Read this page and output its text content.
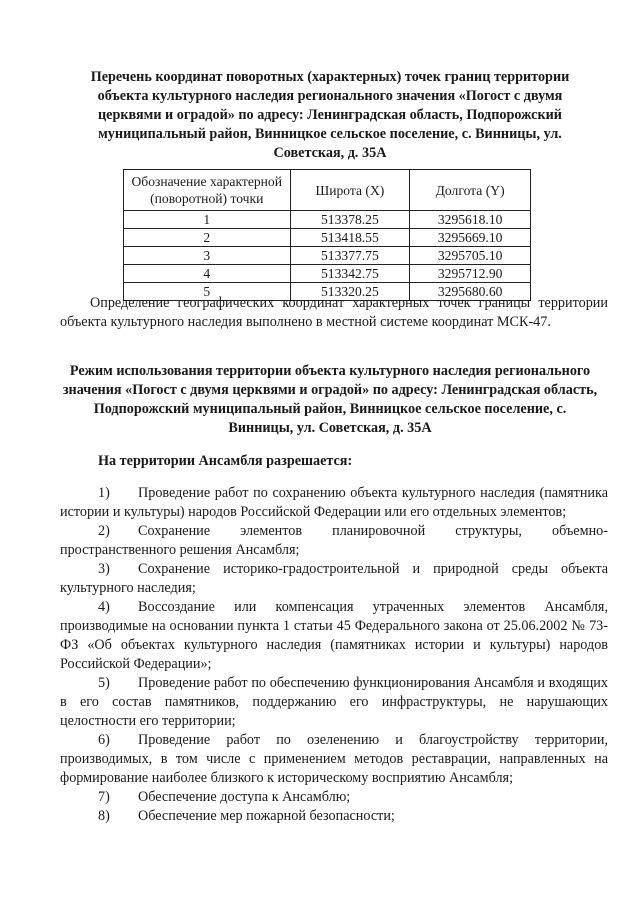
Перечень координат поворотных (характерных) точек границ территории объекта культурного наследия регионального значения «Погост с двумя церквями и оградой» по адресу: Ленинградская область, Подпорожский муниципальный район, Винницкое сельское поселение, с. Винницы, ул. Советская, д. 35А
Обозначение характерной (поворотной) точки	Широта (X)	Долгота (Y)
1	513378.25	3295618.10
2	513418.55	3295669.10
3	513377.75	3295705.10
4	513342.75	3295712.90
5	513320.25	3295680.60
Определение географических координат характерных точек границы территории объекта культурного наследия выполнено в местной системе координат МСК-47.
Режим использования территории объекта культурного наследия регионального значения «Погост с двумя церквями и оградой» по адресу: Ленинградская область, Подпорожский муниципальный район, Винницкое сельское поселение, с. Винницы, ул. Советская, д. 35А
На территории Ансамбля разрешается:

1)	Проведение работ по сохранению объекта культурного наследия (памятника истории и культуры) народов Российской Федерации или его отдельных элементов;

2)	Сохранение элементов планировочной структуры, объемно-пространственного решения Ансамбля;

3)	Сохранение историко-градостроительной и природной среды объекта культурного наследия;

4)	Воссоздание или компенсация утраченных элементов Ансамбля, производимые на основании пункта 1 статьи 45 Федерального закона от 25.06.2002 № 73-ФЗ «Об объектах культурного наследия (памятниках истории и культуры) народов Российской Федерации»;

5)	Проведение работ по обеспечению функционирования Ансамбля и входящих в его состав памятников, поддержанию его инфраструктуры, не нарушающих целостности его территории;

6)	Проведение работ по озеленению и благоустройству территории, производимых, в том числе с применением методов реставрации, направленных на формирование наиболее близкого к историческому восприятию Ансамбля;

7)	Обеспечение доступа к Ансамблю;

8)	Обеспечение мер пожарной безопасности;
